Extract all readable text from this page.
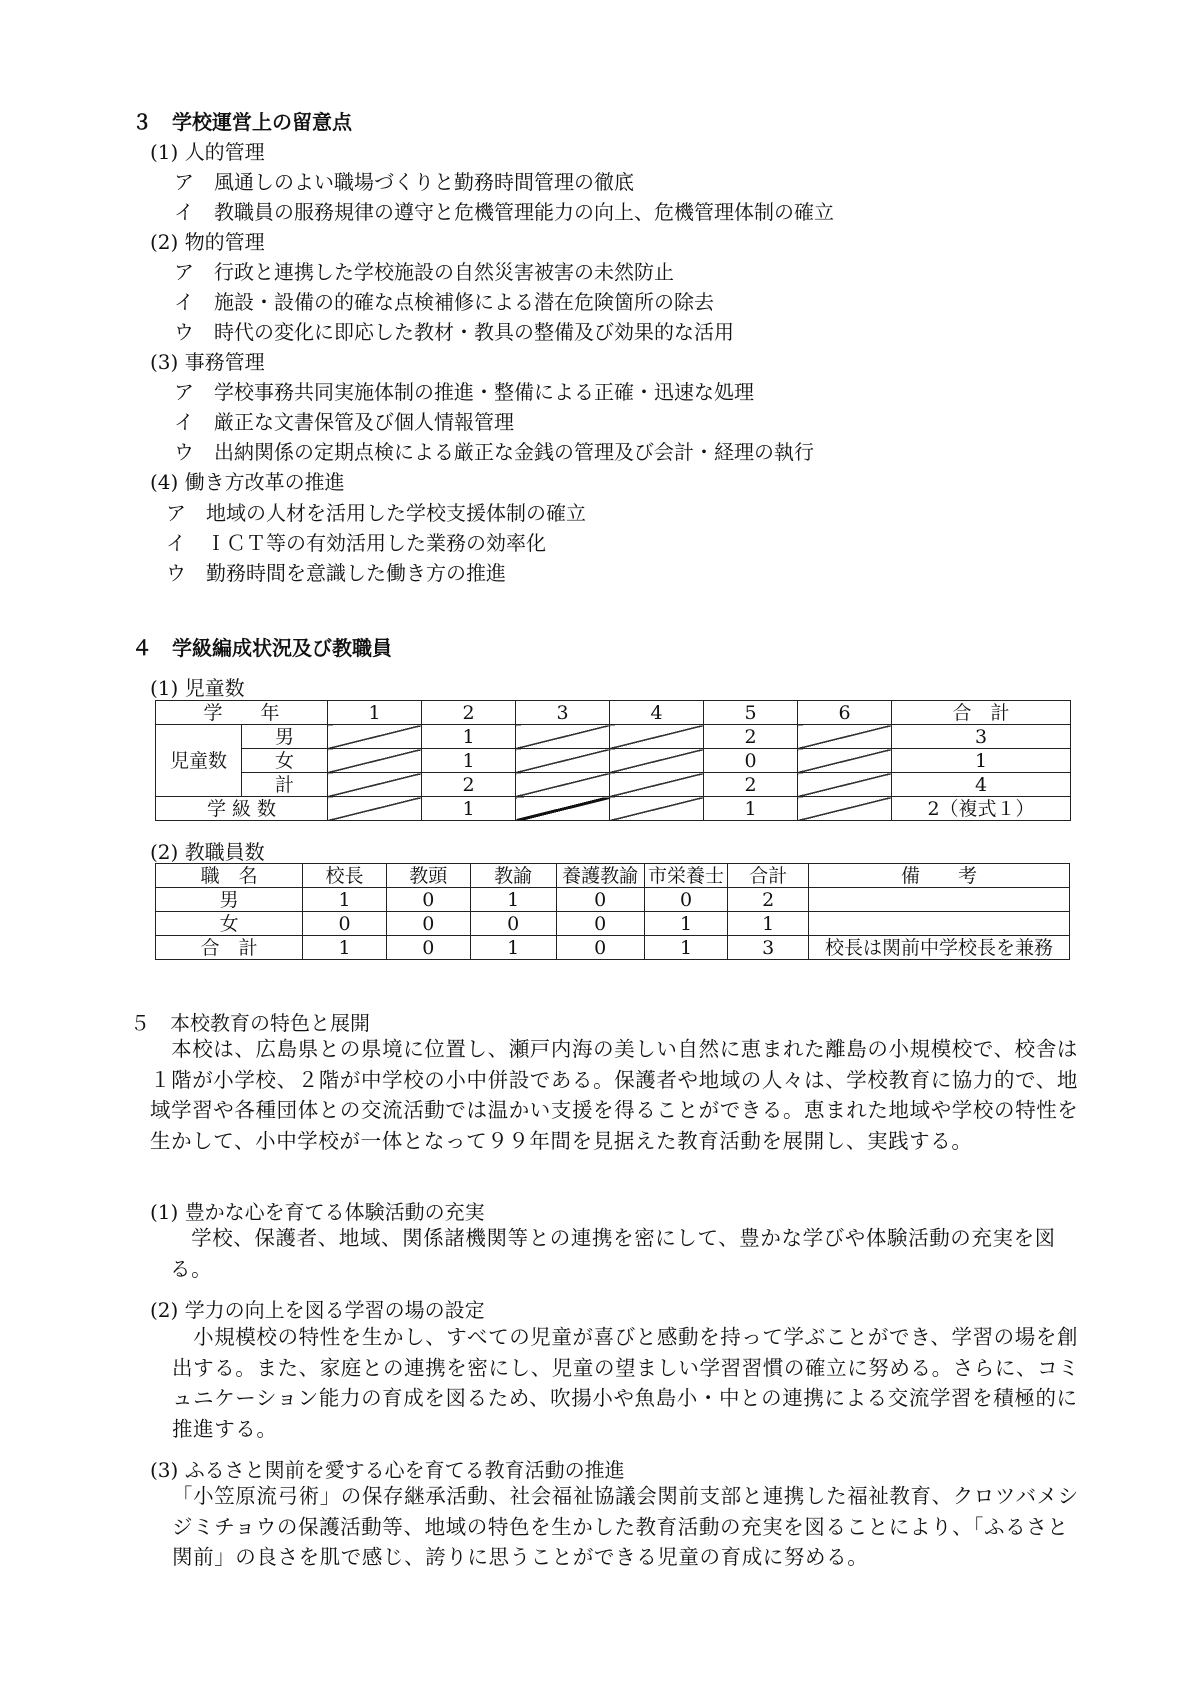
３　学校運営上の留意点
(1) 人的管理
ア　風通しのよい職場づくりと勤務時間管理の徹底
イ　教職員の服務規律の遵守と危機管理能力の向上、危機管理体制の確立
(2) 物的管理
ア　行政と連携した学校施設の自然災害被害の未然防止
イ　施設・設備の的確な点検補修による潜在危険箇所の除去
ウ　時代の変化に即応した教材・教具の整備及び効果的な活用
(3) 事務管理
ア　学校事務共同実施体制の推進・整備による正確・迅速な処理
イ　厳正な文書保管及び個人情報管理
ウ　出納関係の定期点検による厳正な金銭の管理及び会計・経理の執行
(4) 働き方改革の推進
ア　地域の人材を活用した学校支援体制の確立
イ　ＩＣＴ等の有効活用した業務の効率化
ウ　勤務時間を意識した働き方の推進
４　学級編成状況及び教職員
(1) 児童数
学　　年		1	2	3	4	5	6	合　計
児童数	男		1			2		3
	女		1			0		1
	計		2			2		4
学 級 数			1			1		2（複式１）
(2) 教職員数
職　名	校長	教頭	教諭	養護教諭	市栄養士	合計	備　　考
男	1	0	1	0	0	2	
女	0	0	0	0	1	1	
合　計	1	0	1	0	1	3	校長は関前中学校長を兼務
５　本校教育の特色と展開
　本校は、広島県との県境に位置し、瀬戸内海の美しい自然に恵まれた離島の小規模校で、校舎は１階が小学校、２階が中学校の小中併設である。保護者や地域の人々は、学校教育に協力的で、地域学習や各種団体との交流活動では温かい支援を得ることができる。恵まれた地域や学校の特性を生かして、小中学校が一体となって９９年間を見据えた教育活動を展開し、実践する。
(1) 豊かな心を育てる体験活動の充実
　学校、保護者、地域、関係諸機関等との連携を密にして、豊かな学びや体験活動の充実を図る。
(2) 学力の向上を図る学習の場の設定
　小規模校の特性を生かし、すべての児童が喜びと感動を持って学ぶことができ、学習の場を創出する。また、家庭との連携を密にし、児童の望ましい学習習慣の確立に努める。さらに、コミュニケーション能力の育成を図るため、吹揚小や魚島小・中との連携による交流学習を積極的に推進する。
(3) ふるさと関前を愛する心を育てる教育活動の推進
「小笠原流弓術」の保存継承活動、社会福祉協議会関前支部と連携した福祉教育、クロツバメシジミチョウの保護活動等、地域の特色を生かした教育活動の充実を図ることにより、「ふるさと関前」の良さを肌で感じ、誇りに思うことができる児童の育成に努める。
